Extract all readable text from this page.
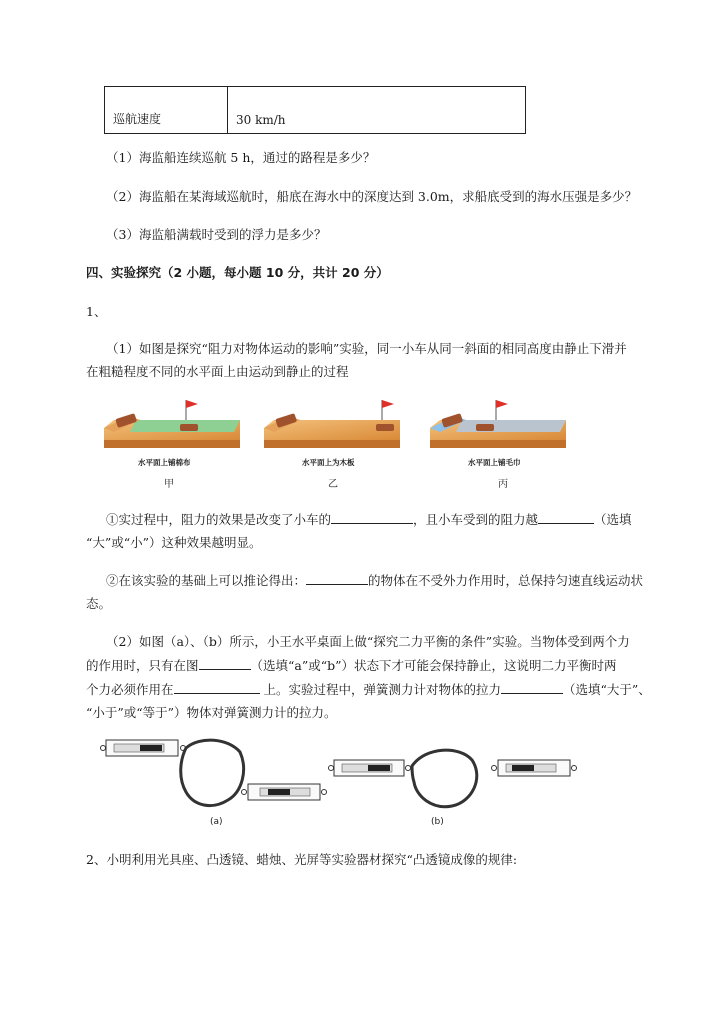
巡航速度	30 km/h
（1）海监船连续巡航 5 h，通过的路程是多少？
（2）海监船在某海域巡航时，船底在海水中的深度达到 3.0m，求船底受到的海水压强是多少？
（3）海监船满载时受到的浮力是多少？
四、实验探究（2 小题，每小题 10 分，共计 20 分）
1、
（1）如图是探究“阻力对物体运动的影响”实验，同一小车从同一斜面的相同高度由静止下滑并
在粗糙程度不同的水平面上由运动到静止的过程
水平面上铺棉布	水平面上为木板	水平面上铺毛巾
甲	乙	丙
①实过程中，阻力的效果是改变了小车的	，且小车受到的阻力越	（选填
“大”或“小”）这种效果越明显。
②在该实验的基础上可以推论得出：	的物体在不受外力作用时，总保持匀速直线运动状
态。
（2）如图（a）、（b）所示，小王水平桌面上做“探究二力平衡的条件”实验。当物体受到两个力
的作用时，只有在图	（选填“a”或“b”）状态下才可能会保持静止，这说明二力平衡时两
个力必须作用在	上。实验过程中，弹簧测力计对物体的拉力	（选填“大于”、
“小于”或“等于”）物体对弹簧测力计的拉力。
(a)	(b)
2、小明利用光具座、凸透镜、蜡烛、光屏等实验器材探究“凸透镜成像的规律:
